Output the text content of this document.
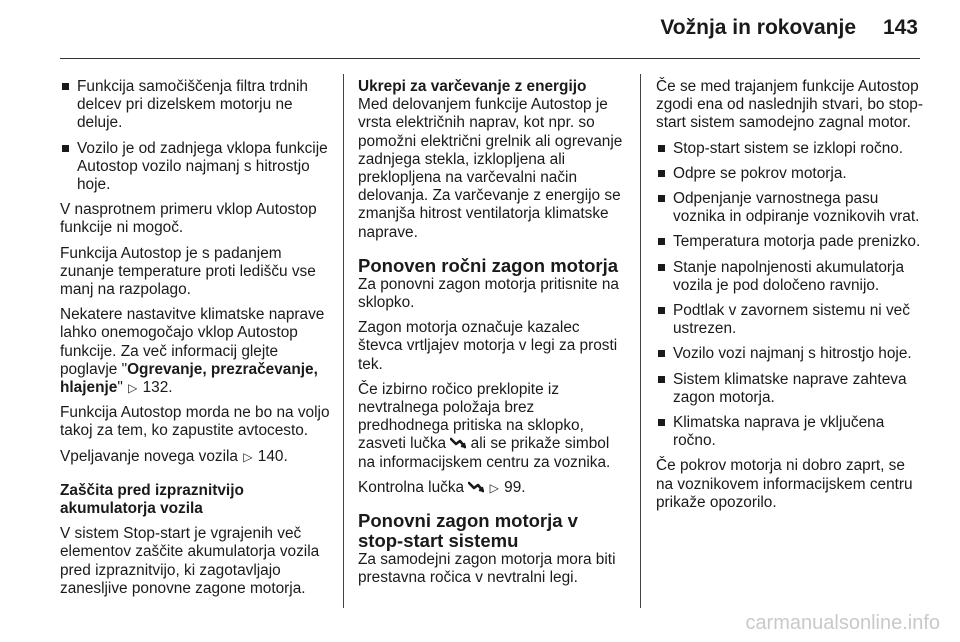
Vožnja in rokovanje 143
Funkcija samočiščenja filtra trdnih delcev pri dizelskem motorju ne deluje.
Vozilo je od zadnjega vklopa funkcije Autostop vozilo najmanj s hitrostjo hoje.

V nasprotnem primeru vklop Autostop funkcije ni mogoč.

Funkcija Autostop je s padanjem zunanje temperature proti ledišču vse manj na razpolago.

Nekatere nastavitve klimatske naprave lahko onemogočajo vklop Autostop funkcije. Za več informacij glejte poglavje "Ogrevanje, prezračevanje, hlajenje" ▷ 132.

Funkcija Autostop morda ne bo na voljo takoj za tem, ko zapustite avtocesto.

Vpeljavanje novega vozila ▷ 140.

Zaščita pred izpraznitvijo akumulatorja vozila

V sistem Stop-start je vgrajenih več elementov zaščite akumulatorja vozila pred izpraznitvijo, ki zagotavljajo zanesljive ponovne zagone motorja.

Ukrepi za varčevanje z energijo

Med delovanjem funkcije Autostop je vrsta električnih naprav, kot npr. so pomožni električni grelnik ali ogrevanje zadnjega stekla, izklopljena ali preklopljena na varčevalni način delovanja. Za varčevanje z energijo se zmanjša hitrost ventilatorja klimatske naprave.

Ponoven ročni zagon motorja

Za ponovni zagon motorja pritisnite na sklopko.

Zagon motorja označuje kazalec števca vrtljajev motorja v legi za prosti tek.

Če izbirno ročico preklopite iz nevtralnega položaja brez predhodnega pritiska na sklopko, zasveti lučka  ali se prikaže simbol na informacijskem centru za voznika.

Kontrolna lučka  ▷ 99.

Ponovni zagon motorja v stop-start sistemu

Za samodejni zagon motorja mora biti prestavna ročica v nevtralni legi.

Če se med trajanjem funkcije Autostop zgodi ena od naslednjih stvari, bo stop-start sistem samodejno zagnal motor.

Stop-start sistem se izklopi ročno.
Odpre se pokrov motorja.
Odpenjanje varnostnega pasu voznika in odpiranje voznikovih vrat.
Temperatura motorja pade prenizko.
Stanje napolnjenosti akumulatorja vozila je pod določeno ravnijo.
Podtlak v zavornem sistemu ni več ustrezen.
Vozilo vozi najmanj s hitrostjo hoje.
Sistem klimatske naprave zahteva zagon motorja.
Klimatska naprava je vključena ročno.

Če pokrov motorja ni dobro zaprt, se na voznikovem informacijskem centru prikaže opozorilo.

carmanualsonline.info
